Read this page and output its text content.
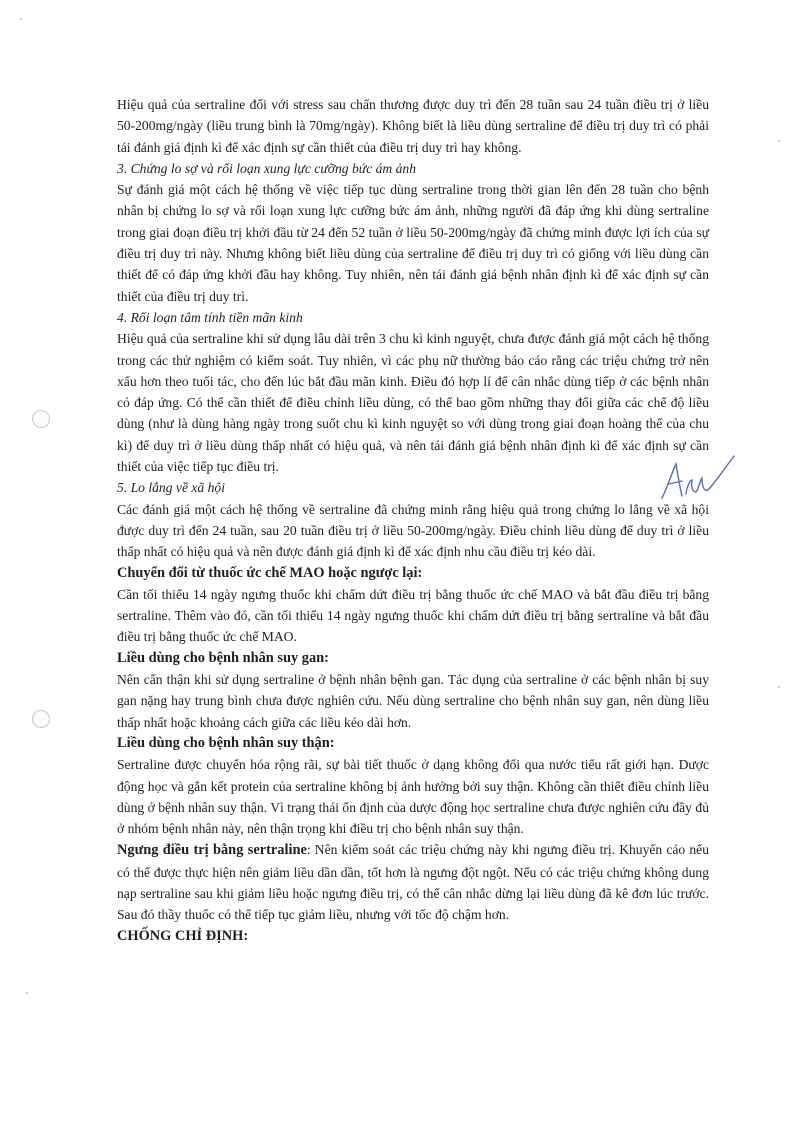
Hiệu quả của sertraline đối với stress sau chấn thương được duy trì đến 28 tuần sau 24 tuần điều trị ở liều 50-200mg/ngày (liều trung bình là 70mg/ngày). Không biết là liều dùng sertraline để điều trị duy trì có phải tái đánh giá định kì để xác định sự cần thiết của điều trị duy trì hay không.

3. Chứng lo sợ và rối loạn xung lực cưỡng bức ám ảnh

Sự đánh giá một cách hệ thống về việc tiếp tục dùng sertraline trong thời gian lên đến 28 tuần cho bệnh nhân bị chứng lo sợ và rối loạn xung lực cưỡng bức ám ảnh, những người đã đáp ứng khi dùng sertraline trong giai đoạn điều trị khởi đầu từ 24 đến 52 tuần ở liều 50-200mg/ngày đã chứng minh được lợi ích của sự điều trị duy trì này. Nhưng không biết liều dùng của sertraline để điều trị duy trì có giống với liều dùng cần thiết để có đáp ứng khởi đầu hay không. Tuy nhiên, nên tái đánh giá bệnh nhân định kì để xác định sự cần thiết của điều trị duy trì.

4. Rối loạn tâm tính tiền mãn kinh

Hiệu quả của sertraline khi sử dụng lâu dài trên 3 chu kì kinh nguyệt, chưa được đánh giá một cách hệ thống trong các thử nghiệm có kiểm soát. Tuy nhiên, vì các phụ nữ thường báo cáo rằng các triệu chứng trở nên xấu hơn theo tuổi tác, cho đến lúc bắt đầu mãn kinh. Điều đó hợp lí để cân nhắc dùng tiếp ở các bệnh nhân có đáp ứng. Có thể cần thiết để điều chỉnh liều dùng, có thể bao gồm những thay đổi giữa các chế độ liều dùng (như là dùng hàng ngày trong suốt chu kì kinh nguyệt so với dùng trong giai đoạn hoàng thể của chu kì) để duy trì ở liều dùng thấp nhất có hiệu quả, và nên tái đánh giá bệnh nhân định kì để xác định sự cần thiết của việc tiếp tục điều trị.

5. Lo lắng về xã hội

Các đánh giá một cách hệ thống về sertraline đã chứng minh rằng hiệu quả trong chứng lo lắng về xã hội được duy trì đến 24 tuần, sau 20 tuần điều trị ở liều 50-200mg/ngày. Điều chỉnh liều dùng để duy trì ở liều thấp nhất có hiệu quả và nên được đánh giá định kì để xác định nhu cầu điều trị kéo dài.

Chuyển đổi từ thuốc ức chế MAO hoặc ngược lại:

Cần tối thiểu 14 ngày ngưng thuốc khi chấm dứt điều trị bằng thuốc ức chế MAO và bắt đầu điều trị bằng sertraline. Thêm vào đó, cần tối thiểu 14 ngày ngưng thuốc khi chấm dứt điều trị bằng sertraline và bắt đầu điều trị bằng thuốc ức chế MAO.

Liều dùng cho bệnh nhân suy gan:

Nên cẩn thận khi sử dụng sertraline ở bệnh nhân bệnh gan. Tác dụng của sertraline ở các bệnh nhân bị suy gan nặng hay trung bình chưa được nghiên cứu. Nếu dùng sertraline cho bệnh nhân suy gan, nên dùng liều thấp nhất hoặc khoảng cách giữa các liều kéo dài hơn.

Liều dùng cho bệnh nhân suy thận:

Sertraline được chuyển hóa rộng rãi, sự bài tiết thuốc ở dạng không đổi qua nước tiểu rất giới hạn. Dược động học và gắn kết protein của sertraline không bị ảnh hưởng bởi suy thận. Không cần thiết điều chỉnh liều dùng ở bệnh nhân suy thận. Vì trạng thái ổn định của dược động học sertraline chưa được nghiên cứu đầy đủ ở nhóm bệnh nhân này, nên thận trọng khi điều trị cho bệnh nhân suy thận.

Ngưng điều trị bằng sertraline: Nên kiểm soát các triệu chứng này khi ngưng điều trị. Khuyến cáo nếu có thể được thực hiện nên giảm liều dần dần, tốt hơn là ngưng đột ngột. Nếu có các triệu chứng không dung nạp sertraline sau khi giảm liều hoặc ngưng điều trị, có thể cân nhắc dừng lại liều dùng đã kê đơn lúc trước. Sau đó thầy thuốc có thể tiếp tục giảm liều, nhưng với tốc độ chậm hơn.

CHỐNG CHỈ ĐỊNH:
